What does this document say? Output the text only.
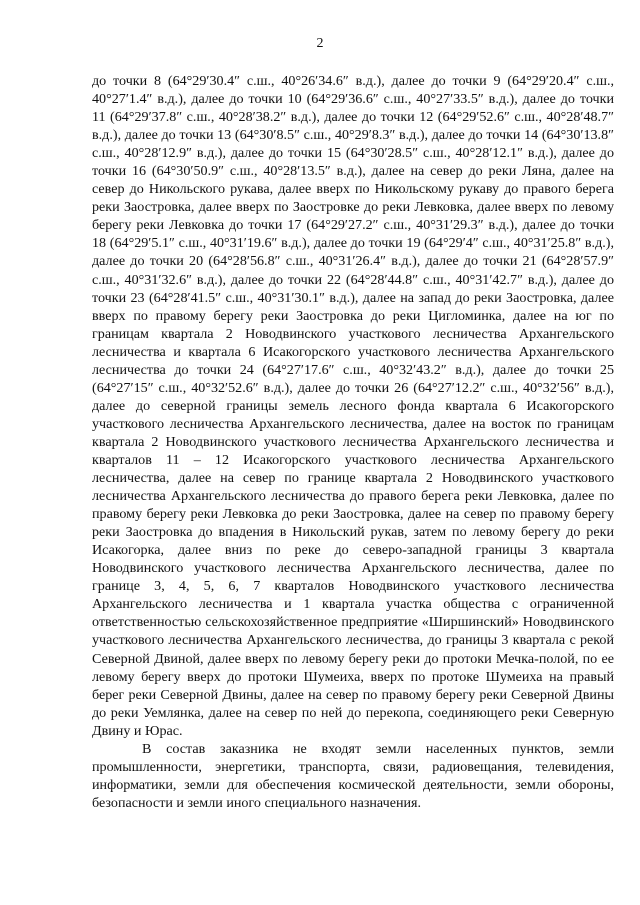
2

до точки 8 (64°29′30.4″ с.ш., 40°26′34.6″ в.д.), далее до точки 9 (64°29′20.4″ с.ш., 40°27′1.4″ в.д.), далее до точки 10 (64°29′36.6″ с.ш., 40°27′33.5″ в.д.), далее до точки 11 (64°29′37.8″ с.ш., 40°28′38.2″ в.д.), далее до точки 12 (64°29′52.6″ с.ш., 40°28′48.7″ в.д.), далее до точки 13 (64°30′8.5″ с.ш., 40°29′8.3″ в.д.), далее до точки 14 (64°30′13.8″ с.ш., 40°28′12.9″ в.д.), далее до точки 15 (64°30′28.5″ с.ш., 40°28′12.1″ в.д.), далее до точки 16 (64°30′50.9″ с.ш., 40°28′13.5″ в.д.), далее на север до реки Ляна, далее на север до Никольского рукава, далее вверх по Никольскому рукаву до правого берега реки Заостровка, далее вверх по Заостровке до реки Левковка, далее вверх по левому берегу реки Левковка до точки 17 (64°29′27.2″ с.ш., 40°31′29.3″ в.д.), далее до точки 18 (64°29′5.1″ с.ш., 40°31′19.6″ в.д.), далее до точки 19 (64°29′4″ с.ш., 40°31′25.8″ в.д.), далее до точки 20 (64°28′56.8″ с.ш., 40°31′26.4″ в.д.), далее до точки 21 (64°28′57.9″ с.ш., 40°31′32.6″ в.д.), далее до точки 22 (64°28′44.8″ с.ш., 40°31′42.7″ в.д.), далее до точки 23 (64°28′41.5″ с.ш., 40°31′30.1″ в.д.), далее на запад до реки Заостровка, далее вверх по правому берегу реки Заостровка до реки Цигломинка, далее на юг по границам квартала 2 Новодвинского участкового лесничества Архангельского лесничества и квартала 6 Исакогорского участкового лесничества Архангельского лесничества до точки 24 (64°27′17.6″ с.ш., 40°32′43.2″ в.д.), далее до точки 25 (64°27′15″ с.ш., 40°32′52.6″ в.д.), далее до точки 26 (64°27′12.2″ с.ш., 40°32′56″ в.д.), далее до северной границы земель лесного фонда квартала 6 Исакогорского участкового лесничества Архангельского лесничества, далее на восток по границам квартала 2 Новодвинского участкового лесничества Архангельского лесничества и кварталов 11 – 12 Исакогорского участкового лесничества Архангельского лесничества, далее на север по границе квартала 2 Новодвинского участкового лесничества Архангельского лесничества до правого берега реки Левковка, далее по правому берегу реки Левковка до реки Заостровка, далее на север по правому берегу реки Заостровка до впадения в Никольский рукав, затем по левому берегу до реки Исакогорка, далее вниз по реке до северо-западной границы 3 квартала Новодвинского участкового лесничества Архангельского лесничества, далее по границе 3, 4, 5, 6, 7 кварталов Новодвинского участкового лесничества Архангельского лесничества и 1 квартала участка общества с ограниченной ответственностью сельскохозяйственное предприятие «Ширшинский» Новодвинского участкового лесничества Архангельского лесничества, до границы 3 квартала с рекой Северной Двиной, далее вверх по левому берегу реки до протоки Мечка-полой, по ее левому берегу вверх до протоки Шумеиха, вверх по протоке Шумеиха на правый берег реки Северной Двины, далее на север по правому берегу реки Северной Двины до реки Уемлянка, далее на север по ней до перекопа, соединяющего реки Северную Двину и Юрас.

В состав заказника не входят земли населенных пунктов, земли промышленности, энергетики, транспорта, связи, радиовещания, телевидения, информатики, земли для обеспечения космической деятельности, земли обороны, безопасности и земли иного специального назначения.
